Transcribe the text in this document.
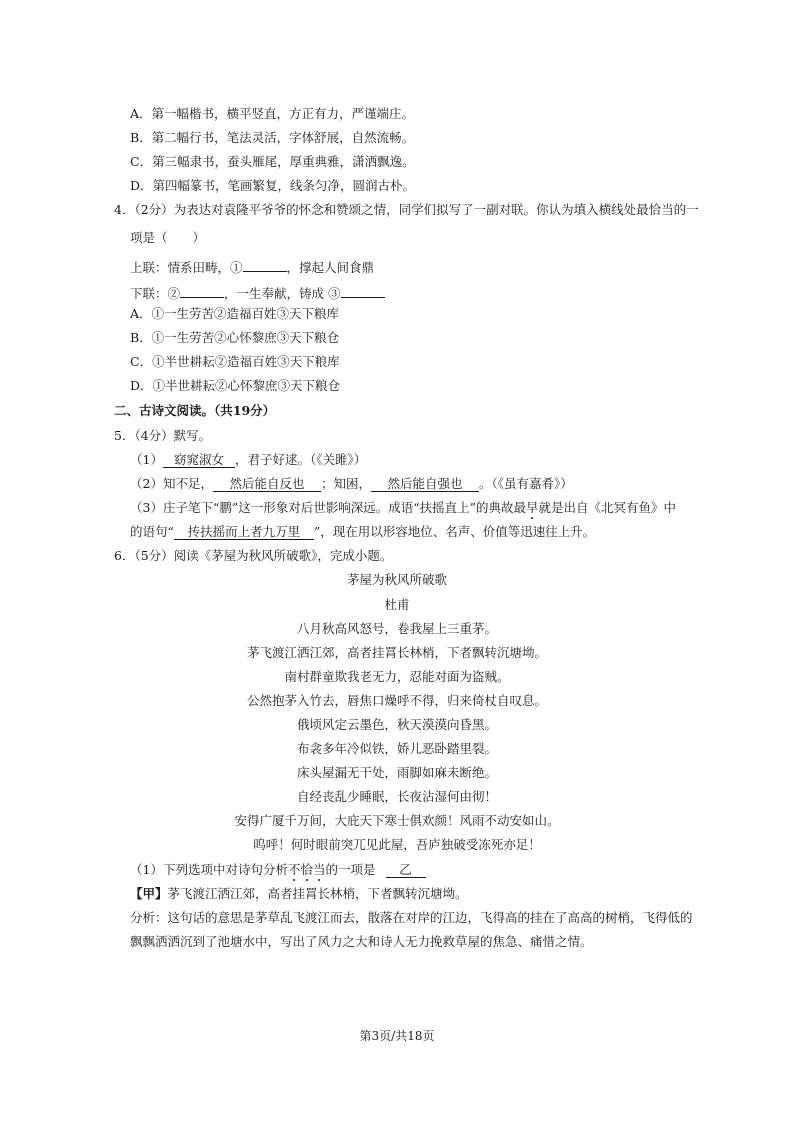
A．第一幅楷书，横平竖直，方正有力，严谨端庄。
B．第二幅行书，笔法灵活，字体舒展，自然流畅。
C．第三幅隶书，蚕头雁尾，厚重典雅，潇洒飘逸。
D．第四幅篆书，笔画繁复，线条匀净，圆润古朴。
4．（2分）为表达对袁隆平爷爷的怀念和赞颂之情，同学们拟写了一副对联。你认为填入横线处最恰当的一
项是（　　）
上联：情系田畴，①	，撑起人间食鼎
下联：②	，一生奉献，铸成 ③
A．①一生劳苦②造福百姓③天下粮库
B．①一生劳苦②心怀黎庶③天下粮仓
C．①半世耕耘②造福百姓③天下粮库
D．①半世耕耘②心怀黎庶③天下粮仓
二、古诗文阅读。（共19分）
5．（4分）默写。
（1） 窈窕淑女 ，君子好逑。（《关雎》）
（2）知不足， 然后能自反也 ；知困， 然后能自强也 。（《虽有嘉肴》）
（3）庄子笔下“鹏”这一形象对后世影响深远。成语“扶摇直上”的典故最早就是出自《北冥有鱼》中
的语句“ 抟扶摇而上者九万里 ”，现在用以形容地位、名声、价值等迅速往上升。
6．（5分）阅读《茅屋为秋风所破歌》，完成小题。
茅屋为秋风所破歌
杜甫
八月秋高风怒号，卷我屋上三重茅。
茅飞渡江洒江郊，高者挂罥长林梢，下者飘转沉塘坳。
南村群童欺我老无力，忍能对面为盗贼。
公然抱茅入竹去，唇焦口燥呼不得，归来倚杖自叹息。
俄顷风定云墨色，秋天漠漠向昏黑。
布衾多年冷似铁，娇儿恶卧踏里裂。
床头屋漏无干处，雨脚如麻未断绝。
自经丧乱少睡眠，长夜沾湿何由彻！
安得广厦千万间，大庇天下寒士俱欢颜！风雨不动安如山。
呜呼！何时眼前突兀见此屋，吾庐独破受冻死亦足！
（1）下列选项中对诗句分析不恰当的一项是 乙
【甲】茅飞渡江洒江郊，高者挂罥长林梢，下者飘转沉塘坳。
分析：这句话的意思是茅草乱飞渡江而去，散落在对岸的江边，飞得高的挂在了高高的树梢，飞得低的
飘飘洒洒沉到了池塘水中，写出了风力之大和诗人无力挽救草屋的焦急、痛惜之情。
第3页/共18页
